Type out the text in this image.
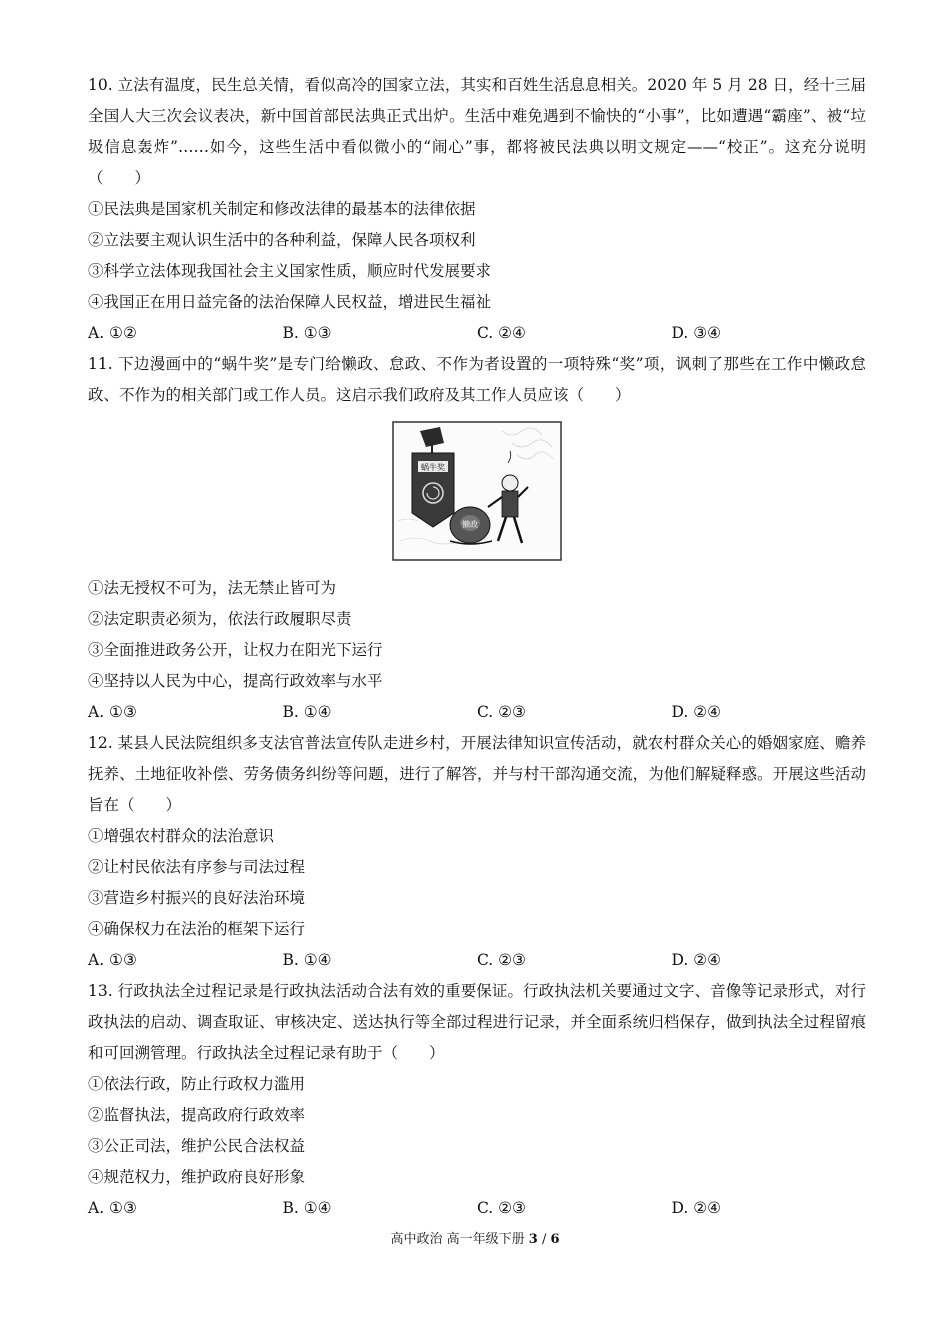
10. 立法有温度，民生总关情，看似高冷的国家立法，其实和百姓生活息息相关。2020 年 5 月 28 日，经十三届全国人大三次会议表决，新中国首部民法典正式出炉。生活中难免遇到不愉快的“小事”，比如遭遇“霸座”、被“垃圾信息轰炸”……如今，这些生活中看似微小的“闹心”事，都将被民法典以明文规定——“校正”。这充分说明（　　）

①民法典是国家机关制定和修改法律的最基本的法律依据

②立法要主观认识生活中的各种利益，保障人民各项权利

③科学立法体现我国社会主义国家性质，顺应时代发展要求

④我国正在用日益完备的法治保障人民权益，增进民生福祉

A. ①②	B. ①③	C. ②④	D. ③④

11. 下边漫画中的“蜗牛奖”是专门给懒政、怠政、不作为者设置的一项特殊“奖”项，讽刺了那些在工作中懒政怠政、不作为的相关部门或工作人员。这启示我们政府及其工作人员应该（　　）

蜗牛奖
懒政

①法无授权不可为，法无禁止皆可为

②法定职责必须为，依法行政履职尽责

③全面推进政务公开，让权力在阳光下运行

④坚持以人民为中心，提高行政效率与水平

A. ①③	B. ①④	C. ②③	D. ②④

12. 某县人民法院组织多支法官普法宣传队走进乡村，开展法律知识宣传活动，就农村群众关心的婚姻家庭、赡养抚养、土地征收补偿、劳务债务纠纷等问题，进行了解答，并与村干部沟通交流，为他们解疑释惑。开展这些活动旨在（　　）

①增强农村群众的法治意识

②让村民依法有序参与司法过程

③营造乡村振兴的良好法治环境

④确保权力在法治的框架下运行

A. ①③	B. ①④	C. ②③	D. ②④

13. 行政执法全过程记录是行政执法活动合法有效的重要保证。行政执法机关要通过文字、音像等记录形式，对行政执法的启动、调查取证、审核决定、送达执行等全部过程进行记录，并全面系统归档保存，做到执法全过程留痕和可回溯管理。行政执法全过程记录有助于（　　）

①依法行政，防止行政权力滥用

②监督执法，提高政府行政效率

③公正司法，维护公民合法权益

④规范权力，维护政府良好形象

A. ①③	B. ①④	C. ②③	D. ②④
高中政治 高一年级下册 3 / 6
